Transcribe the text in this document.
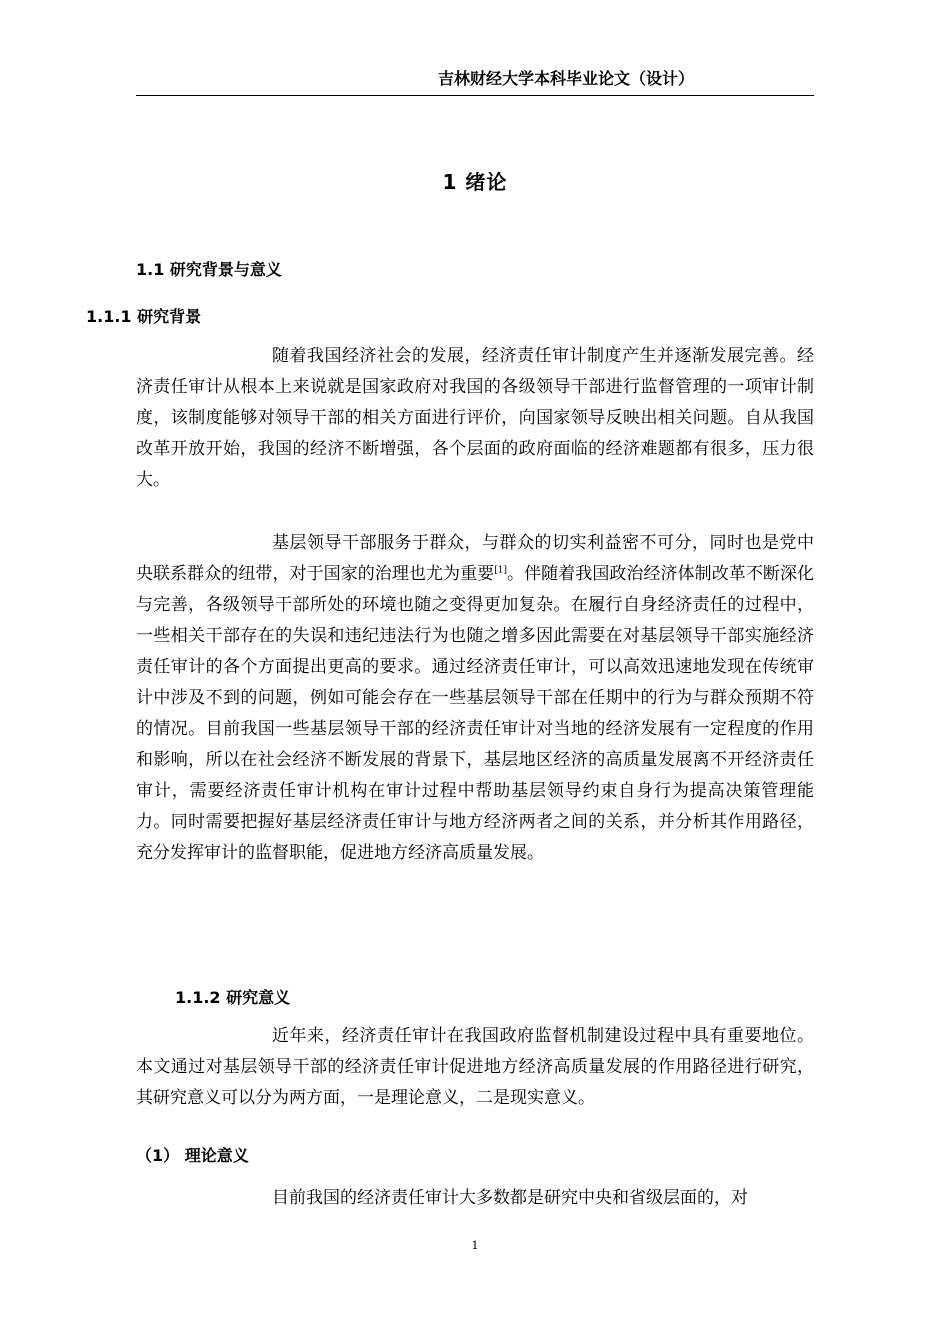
吉林财经大学本科毕业论文（设计）
1 绪论
1.1 研究背景与意义
1.1.1 研究背景

随着我国经济社会的发展，经济责任审计制度产生并逐渐发展完善。经济责任审计从根本上来说就是国家政府对我国的各级领导干部进行监督管理的一项审计制度，该制度能够对领导干部的相关方面进行评价，向国家领导反映出相关问题。自从我国改革开放开始，我国的经济不断增强，各个层面的政府面临的经济难题都有很多，压力很大。

基层领导干部服务于群众，与群众的切实利益密不可分，同时也是党中央联系群众的纽带，对于国家的治理也尤为重要[1]。伴随着我国政治经济体制改革不断深化与完善，各级领导干部所处的环境也随之变得更加复杂。在履行自身经济责任的过程中，一些相关干部存在的失误和违纪违法行为也随之增多因此需要在对基层领导干部实施经济责任审计的各个方面提出更高的要求。通过经济责任审计，可以高效迅速地发现在传统审计中涉及不到的问题，例如可能会存在一些基层领导干部在任期中的行为与群众预期不符的情况。目前我国一些基层领导干部的经济责任审计对当地的经济发展有一定程度的作用和影响，所以在社会经济不断发展的背景下，基层地区经济的高质量发展离不开经济责任审计，需要经济责任审计机构在审计过程中帮助基层领导约束自身行为提高决策管理能力。同时需要把握好基层经济责任审计与地方经济两者之间的关系，并分析其作用路径，充分发挥审计的监督职能，促进地方经济高质量发展。

1.1.2 研究意义

近年来，经济责任审计在我国政府监督机制建设过程中具有重要地位。本文通过对基层领导干部的经济责任审计促进地方经济高质量发展的作用路径进行研究，其研究意义可以分为两方面，一是理论意义，二是现实意义。

（1） 理论意义

目前我国的经济责任审计大多数都是研究中央和省级层面的，对

1
